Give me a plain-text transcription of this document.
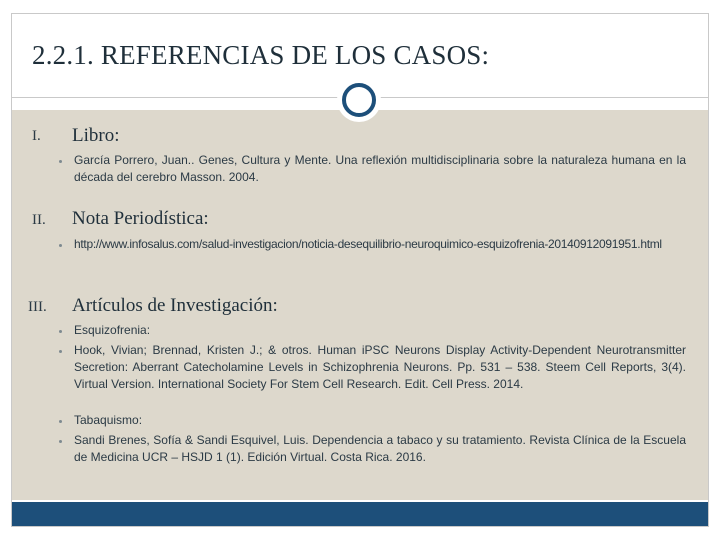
2.2.1. REFERENCIAS DE LOS CASOS:
I. Libro:
García Porrero, Juan.. Genes, Cultura y Mente. Una reflexión multidisciplinaria sobre la naturaleza humana en la década del cerebro Masson. 2004.
II. Nota Periodística:
http://www.infosalus.com/salud-investigacion/noticia-desequilibrio-neuroquimico-esquizofrenia-20140912091951.html
III. Artículos de Investigación:
Esquizofrenia:
Hook, Vivian; Brennad, Kristen J.; & otros. Human iPSC Neurons Display Activity-Dependent Neurotransmitter Secretion: Aberrant Catecholamine Levels in Schizophrenia Neurons. Pp. 531 – 538. Steem Cell Reports, 3(4). Virtual Version. International Society For Stem Cell Research. Edit. Cell Press. 2014.
Tabaquismo:
Sandi Brenes, Sofía & Sandi Esquivel, Luis. Dependencia a tabaco y su tratamiento. Revista Clínica de la Escuela de Medicina UCR – HSJD 1 (1). Edición Virtual. Costa Rica. 2016.
